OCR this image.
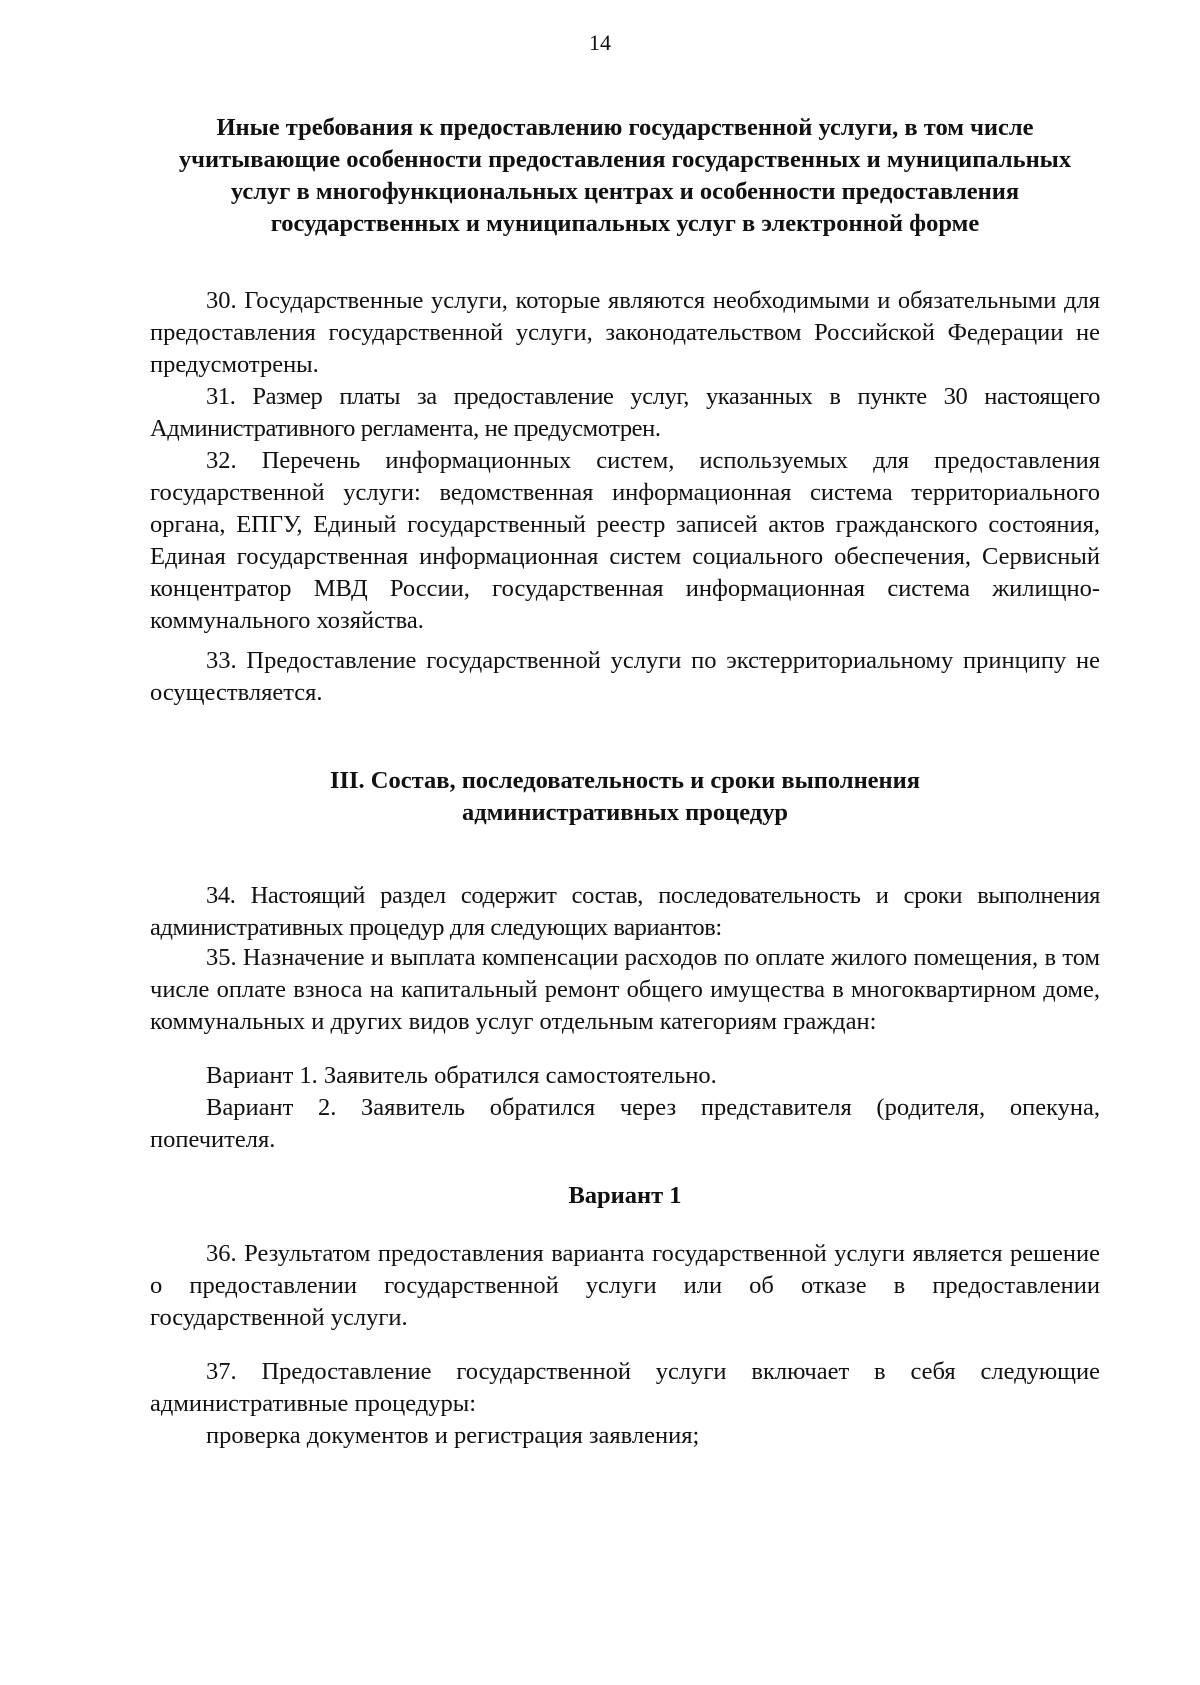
14
Иные требования к предоставлению государственной услуги, в том числе учитывающие особенности предоставления государственных и муниципальных услуг в многофункциональных центрах и особенности предоставления государственных и муниципальных услуг в электронной форме
30. Государственные услуги, которые являются необходимыми и обязательными для предоставления государственной услуги, законодательством Российской Федерации не предусмотрены.
31. Размер платы за предоставление услуг, указанных в пункте 30 настоящего Административного регламента, не предусмотрен.
32. Перечень информационных систем, используемых для предоставления государственной услуги: ведомственная информационная система территориального органа, ЕПГУ, Единый государственный реестр записей актов гражданского состояния, Единая государственная информационная систем социального обеспечения, Сервисный концентратор МВД России, государственная информационная система жилищно-коммунального хозяйства.
33. Предоставление государственной услуги по экстерриториальному принципу не осуществляется.
III. Состав, последовательность и сроки выполнения
административных процедур
34. Настоящий раздел содержит состав, последовательность и сроки выполнения административных процедур для следующих вариантов:
35. Назначение и выплата компенсации расходов по оплате жилого помещения, в том числе оплате взноса на капитальный ремонт общего имущества в многоквартирном доме, коммунальных и других видов услуг отдельным категориям граждан:
Вариант 1. Заявитель обратился самостоятельно.
Вариант 2. Заявитель обратился через представителя (родителя, опекуна, попечителя.
Вариант 1
36. Результатом предоставления варианта государственной услуги является решение о предоставлении государственной услуги или об отказе в предоставлении государственной услуги.
37. Предоставление государственной услуги включает в себя следующие административные процедуры:
проверка документов и регистрация заявления;
